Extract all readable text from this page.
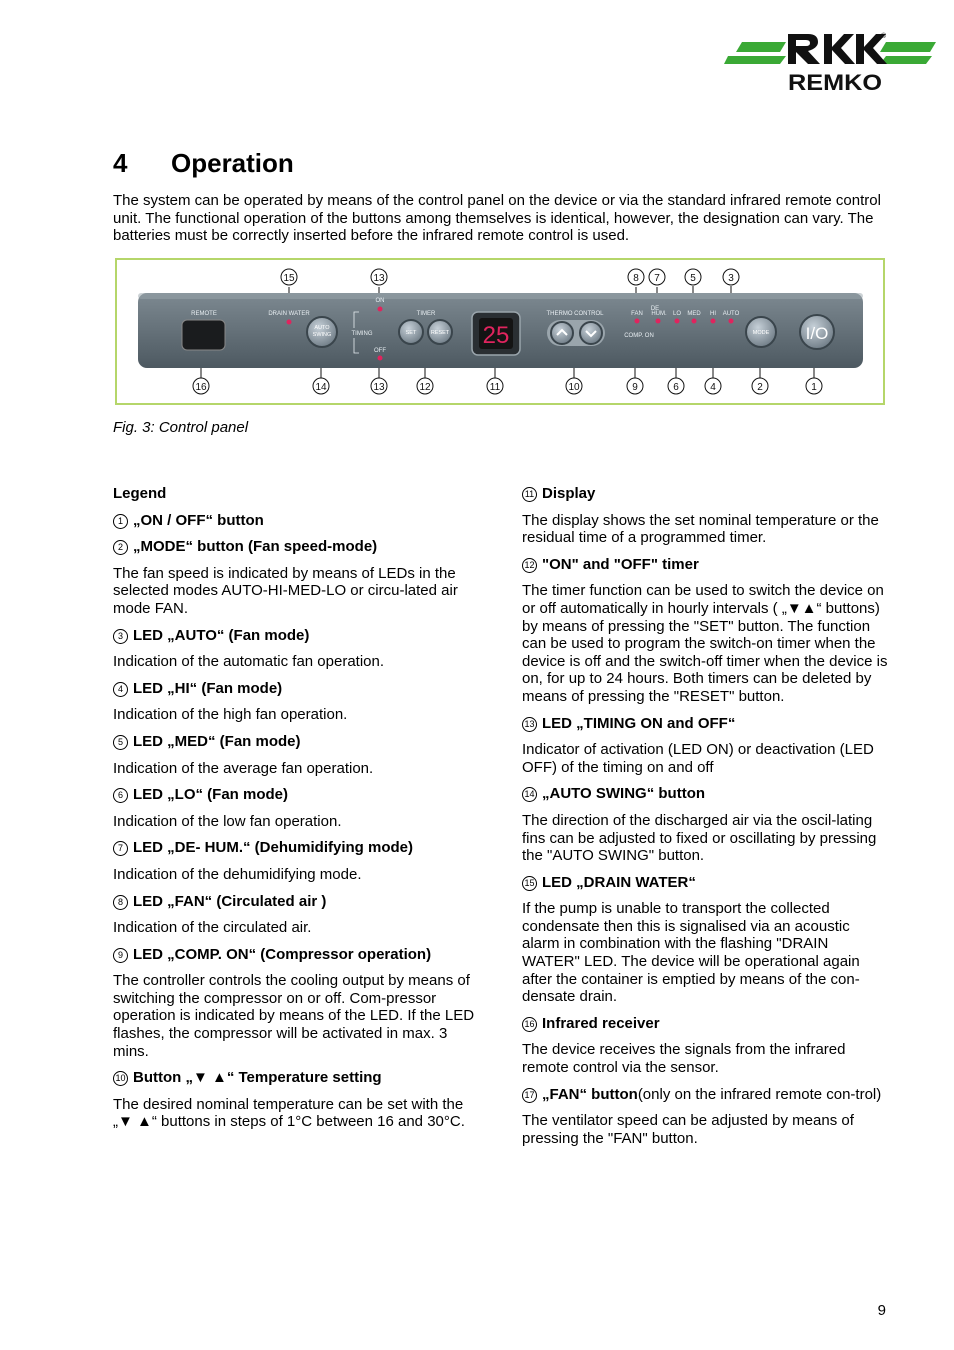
®
REMKO
4 Operation

The system can be operated by means of the control panel on the device or via the standard infrared remote control unit. The functional operation of the buttons among themselves is identical, however, the designation can vary. The batteries must be correctly inserted before the infrared remote control is used.

REMOTE	DRAIN WATER
AUTO
SWING
ON
TIMING
OFF
TIMER
SET	RESET 25
THERMO CONTROL	FAN
DE
HUM. LO MED HI AUTO
COMP. ON	MODE I/O
15	13	8 7	5	3
16	14	13	12	11	10	9	6	4	2	1
Fig. 3: Control panel

Legend

1 „ON / OFF“ button

2 „MODE“ button (Fan speed-mode)

The fan speed is indicated by means of LEDs in the selected modes AUTO-HI-MED-LO or circu-lated air mode FAN.

3 LED „AUTO“ (Fan mode)

Indication of the automatic fan operation.

4 LED „HI“ (Fan mode)

Indication of the high fan operation.

5 LED „MED“ (Fan mode)

Indication of the average fan operation.

6 LED „LO“ (Fan mode)

Indication of the low fan operation.

7 LED „DE- HUM.“ (Dehumidifying mode)

Indication of the dehumidifying mode.

8 LED „FAN“ (Circulated air )

Indication of the circulated air.

9 LED „COMP. ON“ (Compressor operation)

The controller controls the cooling output by means of switching the compressor on or off. Com-pressor operation is indicated by means of the LED. If the LED flashes, the compressor will be activated in max. 3 mins.

10 Button „▼ ▲“ Temperature setting

The desired nominal temperature can be set with the „▼ ▲“ buttons in steps of 1°C between 16 and 30°C.

11 Display

The display shows the set nominal temperature or the residual time of a programmed timer.

12 "ON" and "OFF" timer

The timer function can be used to switch the device on or off automatically in hourly intervals ( „▼▲“ buttons) by means of pressing the "SET" button. The function can be used to program the switch-on timer when the device is off and the switch-off timer when the device is on, for up to 24 hours. Both timers can be deleted by means of pressing the "RESET" button.

13 LED „TIMING ON and OFF“

Indicator of activation (LED ON) or deactivation (LED OFF) of the timing on and off

14 „AUTO SWING“ button

The direction of the discharged air via the oscil-lating fins can be adjusted to fixed or oscillating by pressing the "AUTO SWING" button.

15 LED „DRAIN WATER“

If the pump is unable to transport the collected condensate then this is signalised via an acoustic alarm in combination with the flashing "DRAIN WATER" LED. The device will be operational again after the container is emptied by means of the con-densate drain.

16 Infrared receiver

The device receives the signals from the infrared remote control via the sensor.

17 „FAN“ button(only on the infrared remote con-trol)

The ventilator speed can be adjusted by means of pressing the "FAN" button.

9
